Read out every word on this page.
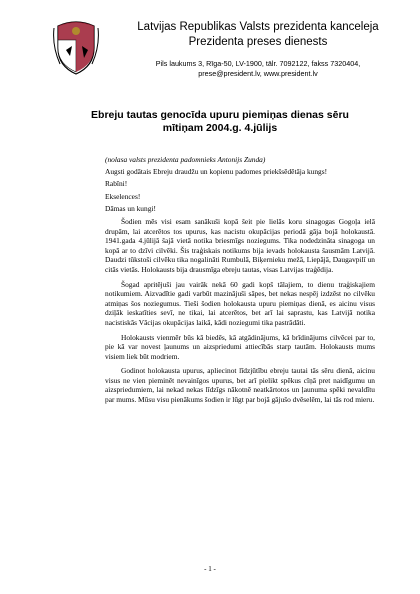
Latvijas Republikas Valsts prezidenta kanceleja
Prezidenta preses dienests
Pils laukums 3, Rīga-50, LV-1900, tālr. 7092122, fakss 7320404,
prese@president.lv, www.president.lv
Ebreju tautas genocīda upuru piemiņas dienas sēru mītiņam 2004.g. 4.jūlijs

(nolasa valsts prezidenta padomnieks Antonijs Zunda)

Augsti godātais Ebreju draudžu un kopienu padomes priekšsēdētāja kungs!

Rabīni!

Ekselences!

Dāmas un kungi!

Šodien mēs visi esam sanākuši kopā šeit pie lielās koru sinagogas Gogoļa ielā drupām, lai atcerētos tos upurus, kas nacistu okupācijas periodā gāja bojā holokaustā. 1941.gada 4.jūlijā šajā vietā notika briesmīgs noziegums. Tika nodedzināta sinagoga un kopā ar to dzīvi cilvēki. Šis traģiskais notikums bija ievads holokausta šausmām Latvijā. Daudzi tūkstoši cilvēku tika nogalināti Rumbulā, Biķernieku mežā, Liepājā, Daugavpilī un citās vietās. Holokausts bija drausmīga ebreju tautas, visas Latvijas traģēdija.

Šogad apritējuši jau vairāk nekā 60 gadi kopš tālajiem, to dienu traģiskajiem notikumiem. Aizvadītie gadi varbūt mazinājuši sāpes, bet nekas nespēj izdzēst no cilvēku atmiņas šos noziegumus. Tieši šodien holokausta upuru piemiņas dienā, es aicinu visus dziļāk ieskatīties sevī, ne tikai, lai atcerētos, bet arī lai saprastu, kas Latvijā notika nacistiskās Vācijas okupācijas laikā, kādi noziegumi tika pastrādāti.

Holokausts vienmēr būs kā biedēs, kā atgādinājums, kā brīdinājums cilvēcei par to, pie kā var novest ļaunums un aizspriedumi attiecībās starp tautām. Holokausts mums visiem liek būt modriem.

Godinot holokausta upurus, apliecinot līdzjūtību ebreju tautai tās sēru dienā, aicinu visus ne vien pieminēt nevainīgos upurus, bet arī pielikt spēkus cīņā pret naidīgumu un aizspriedumiem, lai nekad nekas līdzīgs nākotnē neatkārtotos un ļaunuma spēki nevaldītu par mums. Mūsu visu pienākums šodien ir lūgt par bojā gājušo dvēselēm, lai tās rod mieru.

- 1 -
